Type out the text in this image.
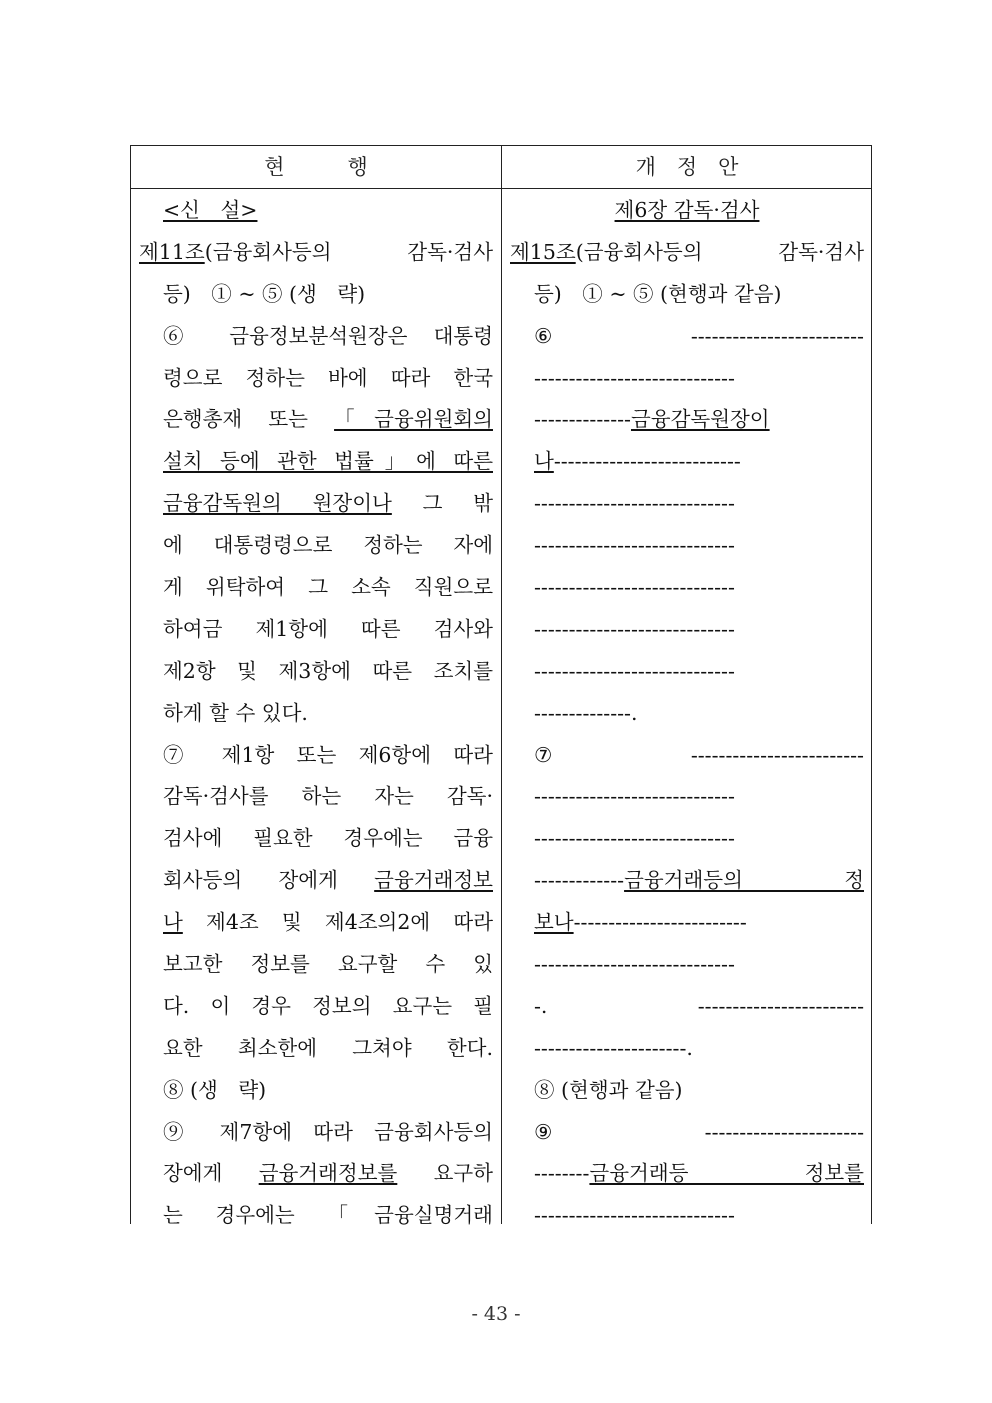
현　　　행	개　정　안
<신　설>
제11조(금융회사등의　감독·검사
등)　① ~ ⑤ (생　략)
⑥ 금융정보분석원장은 대통령
령으로 정하는 바에 따라 한국
은행총재 또는 「금융위원회의
설치 등에 관한 법률」에 따른
금융감독원의 원장이나 그 밖
에 대통령령으로 정하는 자에
게 위탁하여 그 소속 직원으로
하여금 제1항에 따른 검사와
제2항 및 제3항에 따른 조치를
하게 할 수 있다.
⑦ 제1항 또는 제6항에 따라
감독·검사를 하는 자는 감독·
검사에 필요한 경우에는 금융
회사등의 장에게 금융거래정보
나 제4조 및 제4조의2에 따라
보고한 정보를 요구할 수 있
다. 이 경우 정보의 요구는 필
요한 최소한에 그쳐야 한다.
⑧ (생　략)
⑨ 제7항에 따라 금융회사등의
장에게 금융거래정보를 요구하
는 경우에는 「금융실명거래
제6장 감독·검사
제15조(금융회사등의　감독·검사
등)　① ~ ⑤ (현행과 같음)
⑥ -------------------------
-----------------------------
--------------금융감독원장이
나---------------------------
-----------------------------
-----------------------------
-----------------------------
-----------------------------
-----------------------------
--------------.
⑦ -------------------------
-----------------------------
-----------------------------
-------------금융거래등의 정
보나-------------------------
-----------------------------
-. ------------------------
----------------------.
⑧ (현행과 같음)
⑨ -----------------------
--------금융거래등　정보를
-----------------------------
- 43 -
